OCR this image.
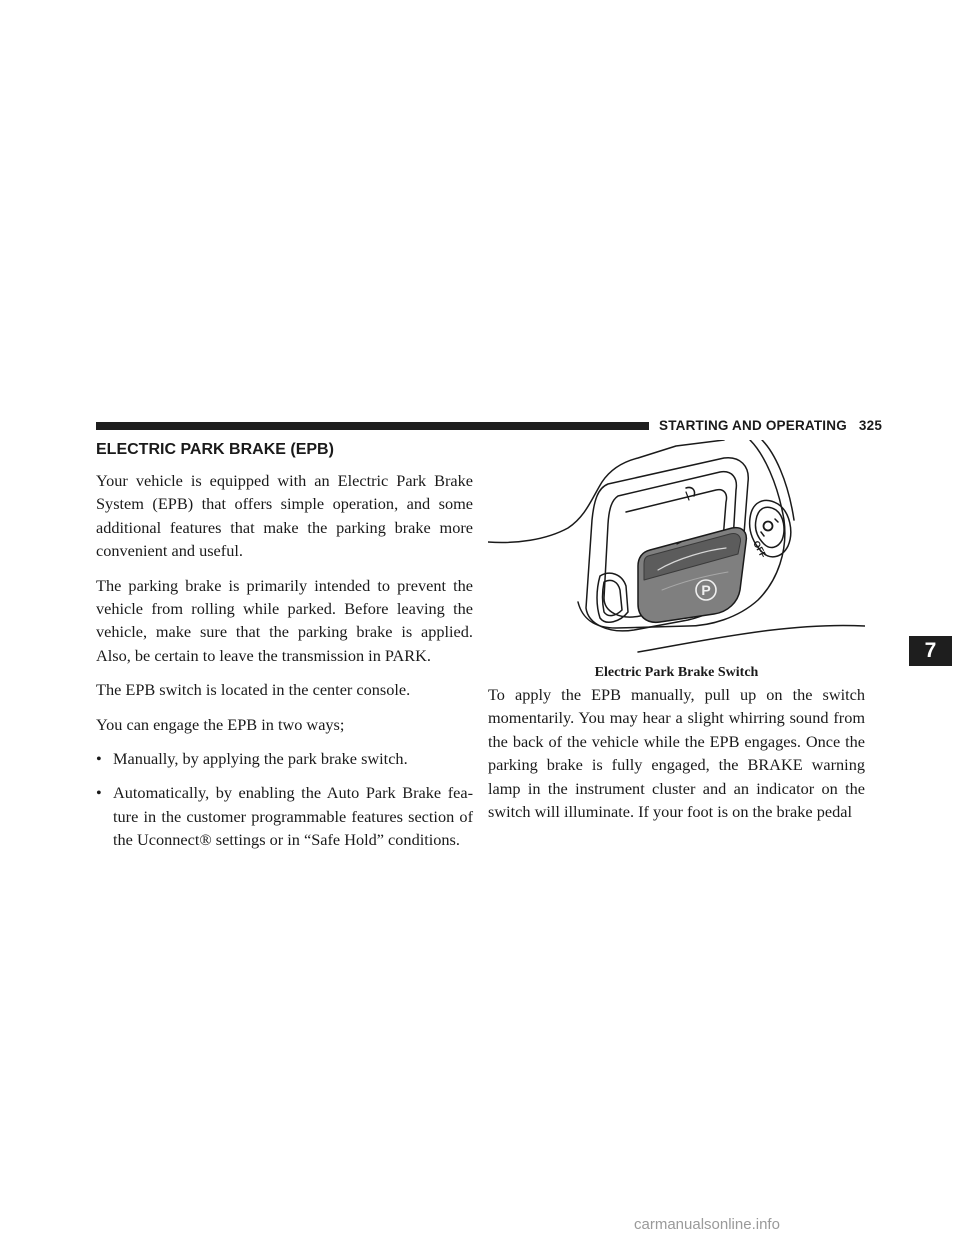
STARTING AND OPERATING 325
ELECTRIC PARK BRAKE (EPB)

Your vehicle is equipped with an Electric Park Brake System (EPB) that offers simple operation, and some additional features that make the parking brake more convenient and useful.

The parking brake is primarily intended to prevent the vehicle from rolling while parked. Before leaving the vehicle, make sure that the parking brake is applied. Also, be certain to leave the transmission in PARK.

The EPB switch is located in the center console.

You can engage the EPB in two ways;

• Manually, by applying the park brake switch.
• Automatically, by enabling the Auto Park Brake fea-ture in the customer programmable features section of the Uconnect® settings or in “Safe Hold” conditions.
P
OFF
Electric Park Brake Switch

To apply the EPB manually, pull up on the switch momentarily. You may hear a slight whirring sound from the back of the vehicle while the EPB engages. Once the parking brake is fully engaged, the BRAKE warning lamp in the instrument cluster and an indicator on the switch will illuminate. If your foot is on the brake pedal

7
carmanualsonline.info
